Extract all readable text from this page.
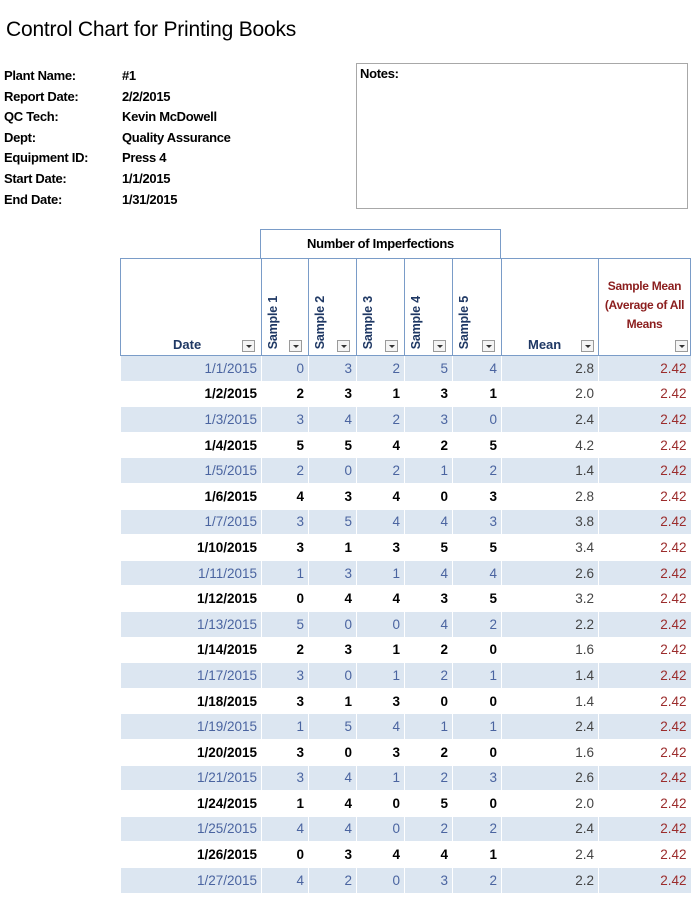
Control Chart for Printing Books
Plant Name:	#1
Report Date:	2/2/2015
QC Tech:	Kevin McDowell
Dept:	Quality Assurance
Equipment ID:	Press 4
Start Date:	1/1/2015
End Date:	1/31/2015
Notes:
Number of Imperfections
Date	Sample 1	Sample 2	Sample 3	Sample 4	Sample 5	Mean	Sample Mean (Average of All Means

1/1/2015	0	3	2	5	4	2.8	2.42
1/2/2015	2	3	1	3	1	2.0	2.42
1/3/2015	3	4	2	3	0	2.4	2.42
1/4/2015	5	5	4	2	5	4.2	2.42
1/5/2015	2	0	2	1	2	1.4	2.42
1/6/2015	4	3	4	0	3	2.8	2.42
1/7/2015	3	5	4	4	3	3.8	2.42
1/10/2015	3	1	3	5	5	3.4	2.42
1/11/2015	1	3	1	4	4	2.6	2.42
1/12/2015	0	4	4	3	5	3.2	2.42
1/13/2015	5	0	0	4	2	2.2	2.42
1/14/2015	2	3	1	2	0	1.6	2.42
1/17/2015	3	0	1	2	1	1.4	2.42
1/18/2015	3	1	3	0	0	1.4	2.42
1/19/2015	1	5	4	1	1	2.4	2.42
1/20/2015	3	0	3	2	0	1.6	2.42
1/21/2015	3	4	1	2	3	2.6	2.42
1/24/2015	1	4	0	5	0	2.0	2.42
1/25/2015	4	4	0	2	2	2.4	2.42
1/26/2015	0	3	4	4	1	2.4	2.42
1/27/2015	4	2	0	3	2	2.2	2.42
